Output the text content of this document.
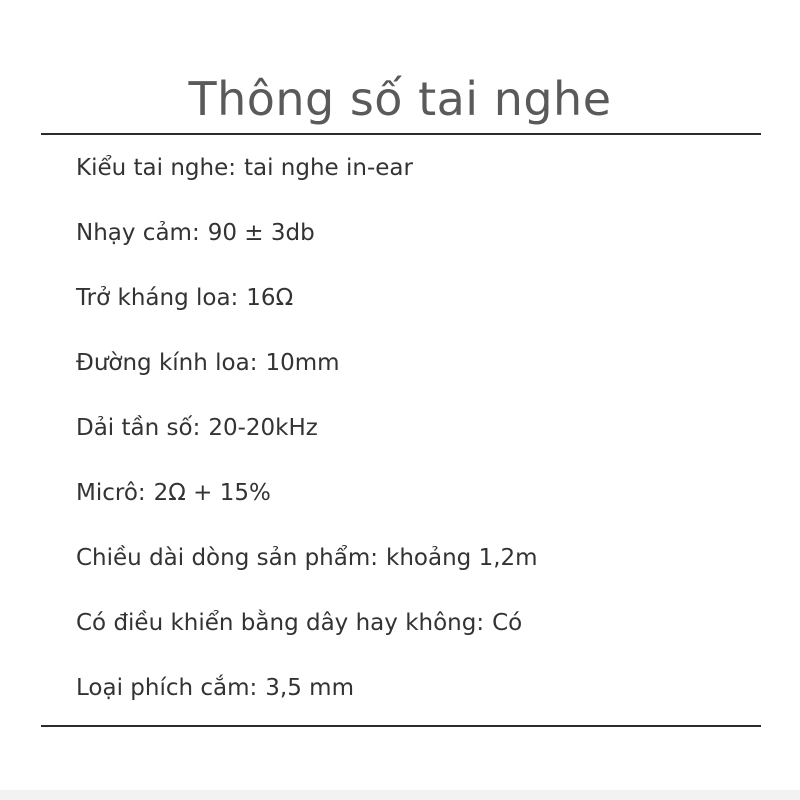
Thông số tai nghe
Kiểu tai nghe : tai nghe in-ear
Nhạy cảm : 90 ± 3db
Trở kháng loa : 16Ω
Đường kính loa : 10mm
Dải tần số : 20-20kHz
Micrô : 2Ω + 15%
Chiều dài dòng sản phẩm : khoảng 1,2m
Có điều khiển bằng dây hay không : Có
Loại phích cắm : 3,5 mm
